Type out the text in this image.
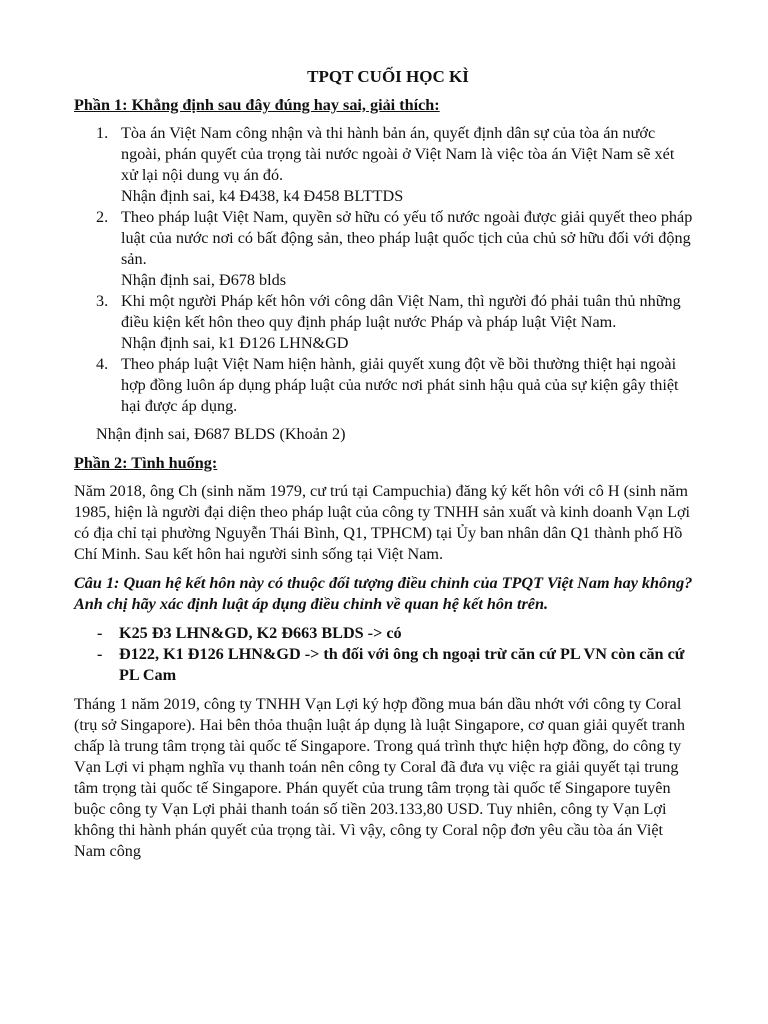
TPQT CUỐI HỌC KÌ
Phần 1: Khẳng định sau đây đúng hay sai, giải thích:
1. Tòa án Việt Nam công nhận và thi hành bản án, quyết định dân sự của tòa án nước ngoài, phán quyết của trọng tài nước ngoài ở Việt Nam là việc tòa án Việt Nam sẽ xét xử lại nội dung vụ án đó.
Nhận định sai, k4 Đ438, k4 Đ458 BLTTDS
2. Theo pháp luật Việt Nam, quyền sở hữu có yếu tố nước ngoài được giải quyết theo pháp luật của nước nơi có bất động sản, theo pháp luật quốc tịch của chủ sở hữu đối với động sản.
Nhận định sai, Đ678 blds
3. Khi một người Pháp kết hôn với công dân Việt Nam, thì người đó phải tuân thủ những điều kiện kết hôn theo quy định pháp luật nước Pháp và pháp luật Việt Nam.
Nhận định sai, k1 Đ126 LHN&GD
4. Theo pháp luật Việt Nam hiện hành, giải quyết xung đột về bồi thường thiệt hại ngoài hợp đồng luôn áp dụng pháp luật của nước nơi phát sinh hậu quả của sự kiện gây thiệt hại được áp dụng.
Nhận định sai, Đ687 BLDS (Khoản 2)
Phần 2: Tình huống:

Năm 2018, ông Ch (sinh năm 1979, cư trú tại Campuchia) đăng ký kết hôn với cô H (sinh năm 1985, hiện là người đại diện theo pháp luật của công ty TNHH sản xuất và kinh doanh Vạn Lợi có địa chỉ tại phường Nguyễn Thái Bình, Q1, TPHCM) tại Ủy ban nhân dân Q1 thành phố Hồ Chí Minh. Sau kết hôn hai người sinh sống tại Việt Nam.

Câu 1: Quan hệ kết hôn này có thuộc đối tượng điều chỉnh của TPQT Việt Nam hay không? Anh chị hãy xác định luật áp dụng điều chỉnh về quan hệ kết hôn trên.
- K25 Đ3 LHN&GD, K2 Đ663 BLDS -> có
- Đ122, K1 Đ126 LHN&GD -> th đối với ông ch ngoại trừ căn cứ PL VN còn căn cứ PL Cam

Tháng 1 năm 2019, công ty TNHH Vạn Lợi ký hợp đồng mua bán dầu nhớt với công ty Coral (trụ sở Singapore). Hai bên thỏa thuận luật áp dụng là luật Singapore, cơ quan giải quyết tranh chấp là trung tâm trọng tài quốc tế Singapore. Trong quá trình thực hiện hợp đồng, do công ty Vạn Lợi vi phạm nghĩa vụ thanh toán nên công ty Coral đã đưa vụ việc ra giải quyết tại trung tâm trọng tài quốc tế Singapore. Phán quyết của trung tâm trọng tài quốc tế Singapore tuyên buộc công ty Vạn Lợi phải thanh toán số tiền 203.133,80 USD. Tuy nhiên, công ty Vạn Lợi không thi hành phán quyết của trọng tài. Vì vậy, công ty Coral nộp đơn yêu cầu tòa án Việt Nam công
